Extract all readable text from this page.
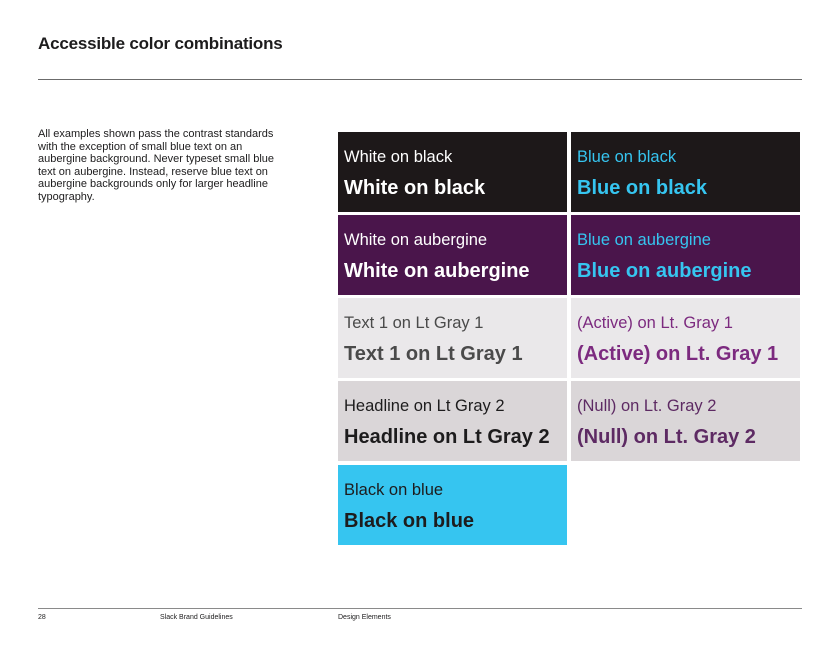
Accessible color combinations
All examples shown pass the contrast standards with the exception of small blue text on an aubergine background. Never typeset small blue text on aubergine. Instead, reserve blue text on aubergine backgrounds only for larger headline typography.
White on black
White on black
Blue on black
Blue on black
White on aubergine
White on aubergine
Blue on aubergine
Blue on aubergine
Text 1 on Lt Gray 1
Text 1 on Lt Gray 1
(Active) on Lt. Gray 1
(Active) on Lt. Gray 1
Headline on Lt Gray 2
Headline on Lt Gray 2
(Null) on Lt. Gray 2
(Null) on Lt. Gray 2
Black on blue
Black on blue
28	Slack Brand Guidelines	Design Elements
